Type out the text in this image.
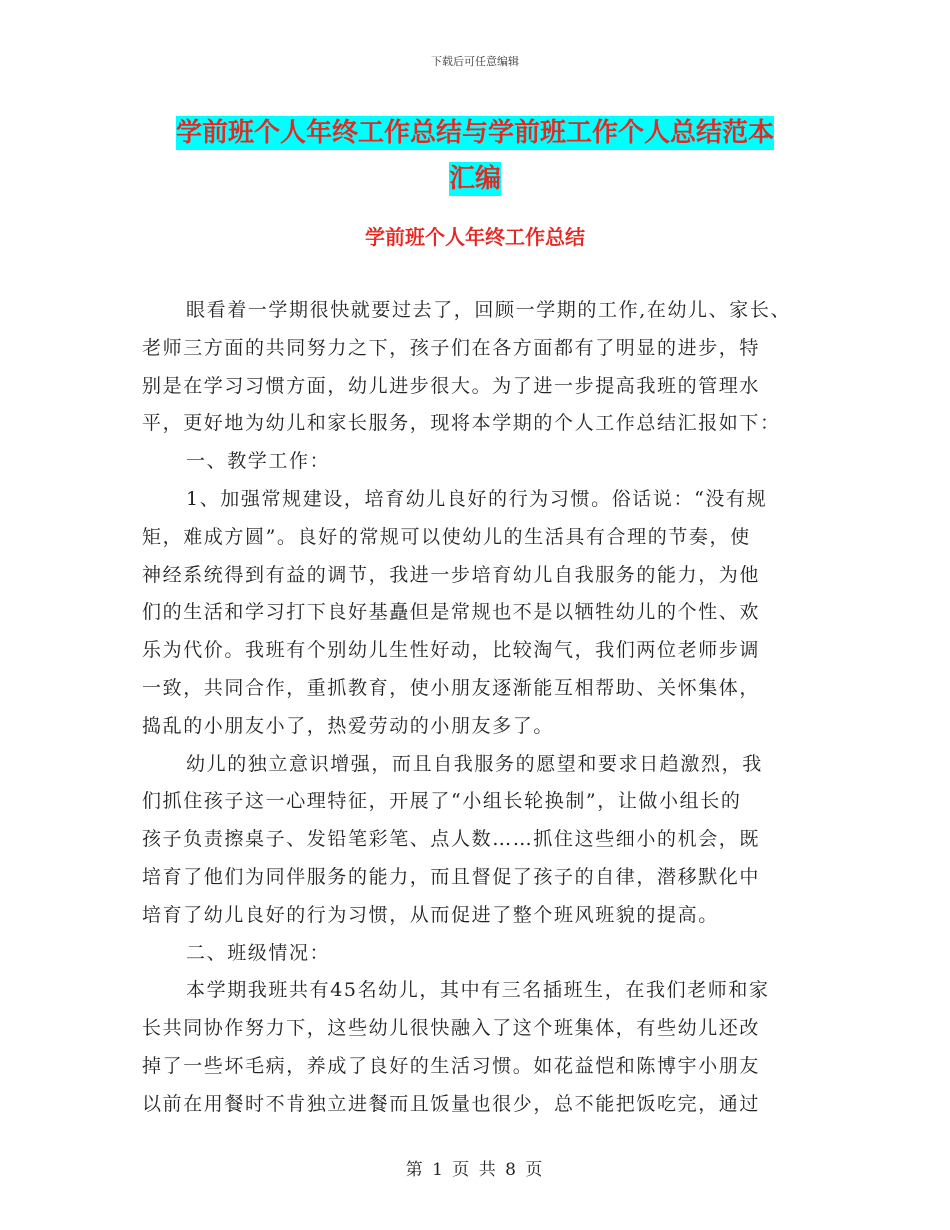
下载后可任意编辑
学前班个人年终工作总结与学前班工作个人总结范本
汇编
学前班个人年终工作总结
眼看着一学期很快就要过去了，回顾一学期的工作,在幼儿、家长、
老师三方面的共同努力之下，孩子们在各方面都有了明显的进步，特
别是在学习习惯方面，幼儿进步很大。为了进一步提高我班的管理水
平，更好地为幼儿和家长服务，现将本学期的个人工作总结汇报如下：
一、教学工作：
1、加强常规建设，培育幼儿良好的行为习惯。俗话说：“没有规
矩，难成方圆”。良好的常规可以使幼儿的生活具有合理的节奏，使
神经系统得到有益的调节，我进一步培育幼儿自我服务的能力，为他
们的生活和学习打下良好基矗但是常规也不是以牺牲幼儿的个性、欢
乐为代价。我班有个别幼儿生性好动，比较淘气，我们两位老师步调
一致，共同合作，重抓教育，使小朋友逐渐能互相帮助、关怀集体，
捣乱的小朋友小了，热爱劳动的小朋友多了。
幼儿的独立意识增强，而且自我服务的愿望和要求日趋激烈，我
们抓住孩子这一心理特征，开展了“小组长轮换制”，让做小组长的
孩子负责擦桌子、发铅笔彩笔、点人数……抓住这些细小的机会，既
培育了他们为同伴服务的能力，而且督促了孩子的自律，潜移默化中
培育了幼儿良好的行为习惯，从而促进了整个班风班貌的提高。
二、班级情况：
本学期我班共有45名幼儿，其中有三名插班生，在我们老师和家
长共同协作努力下，这些幼儿很快融入了这个班集体，有些幼儿还改
掉了一些坏毛病，养成了良好的生活习惯。如花益恺和陈博宇小朋友
以前在用餐时不肯独立进餐而且饭量也很少，总不能把饭吃完，通过
第 1 页 共 8 页
